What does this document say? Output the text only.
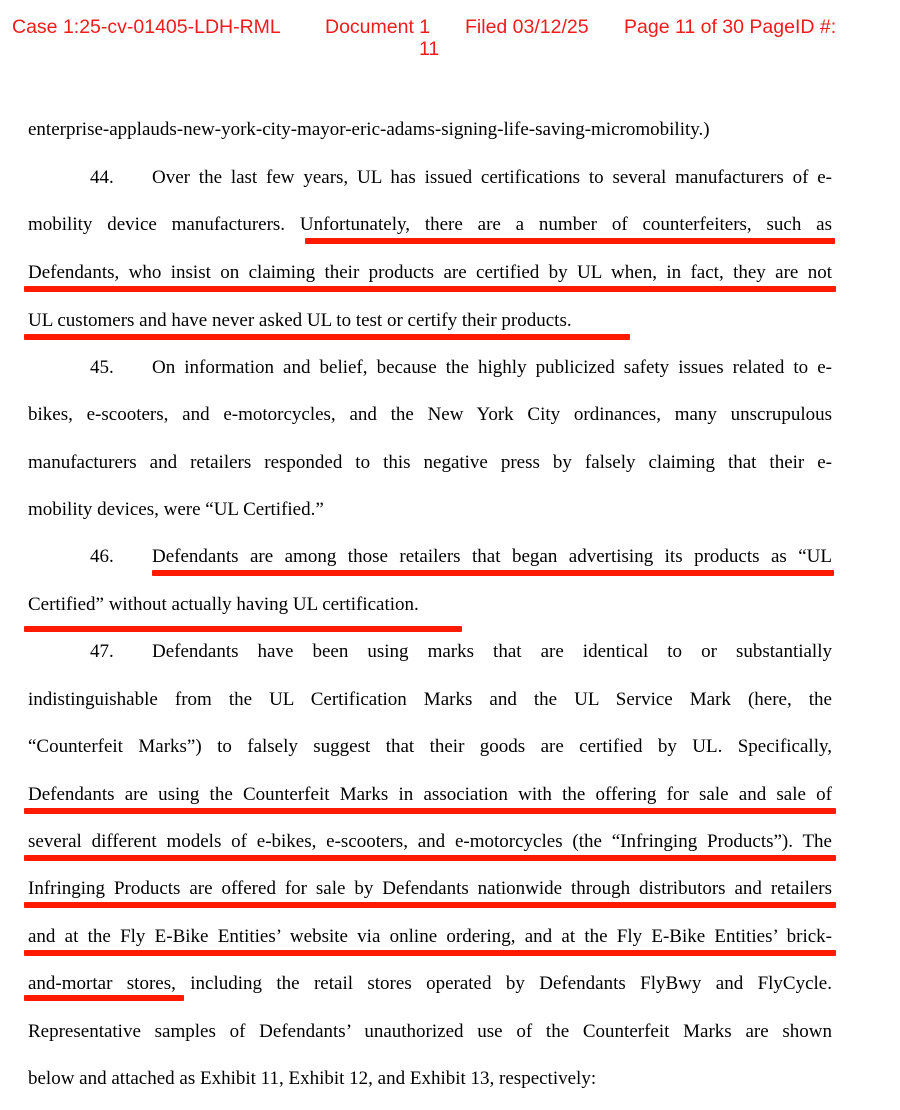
Case 1:25-cv-01405-LDH-RML Document 1 Filed 03/12/25 Page 11 of 30 PageID #:
11
enterprise-applauds-new-york-city-mayor-eric-adams-signing-life-saving-micromobility.)
44. Over the last few years, UL has issued certifications to several manufacturers of e-
mobility device manufacturers. Unfortunately, there are a number of counterfeiters, such as
Defendants, who insist on claiming their products are certified by UL when, in fact, they are not
UL customers and have never asked UL to test or certify their products.
45. On information and belief, because the highly publicized safety issues related to e-
bikes, e-scooters, and e-motorcycles, and the New York City ordinances, many unscrupulous
manufacturers and retailers responded to this negative press by falsely claiming that their e-
mobility devices, were “UL Certified.”
46. Defendants are among those retailers that began advertising its products as “UL
Certified” without actually having UL certification.
47. Defendants have been using marks that are identical to or substantially
indistinguishable from the UL Certification Marks and the UL Service Mark (here, the
“Counterfeit Marks”) to falsely suggest that their goods are certified by UL. Specifically,
Defendants are using the Counterfeit Marks in association with the offering for sale and sale of
several different models of e-bikes, e-scooters, and e-motorcycles (the “Infringing Products”). The
Infringing Products are offered for sale by Defendants nationwide through distributors and retailers
and at the Fly E-Bike Entities’ website via online ordering, and at the Fly E-Bike Entities’ brick-
and-mortar stores, including the retail stores operated by Defendants FlyBwy and FlyCycle.
Representative samples of Defendants’ unauthorized use of the Counterfeit Marks are shown
below and attached as Exhibit 11, Exhibit 12, and Exhibit 13, respectively:
